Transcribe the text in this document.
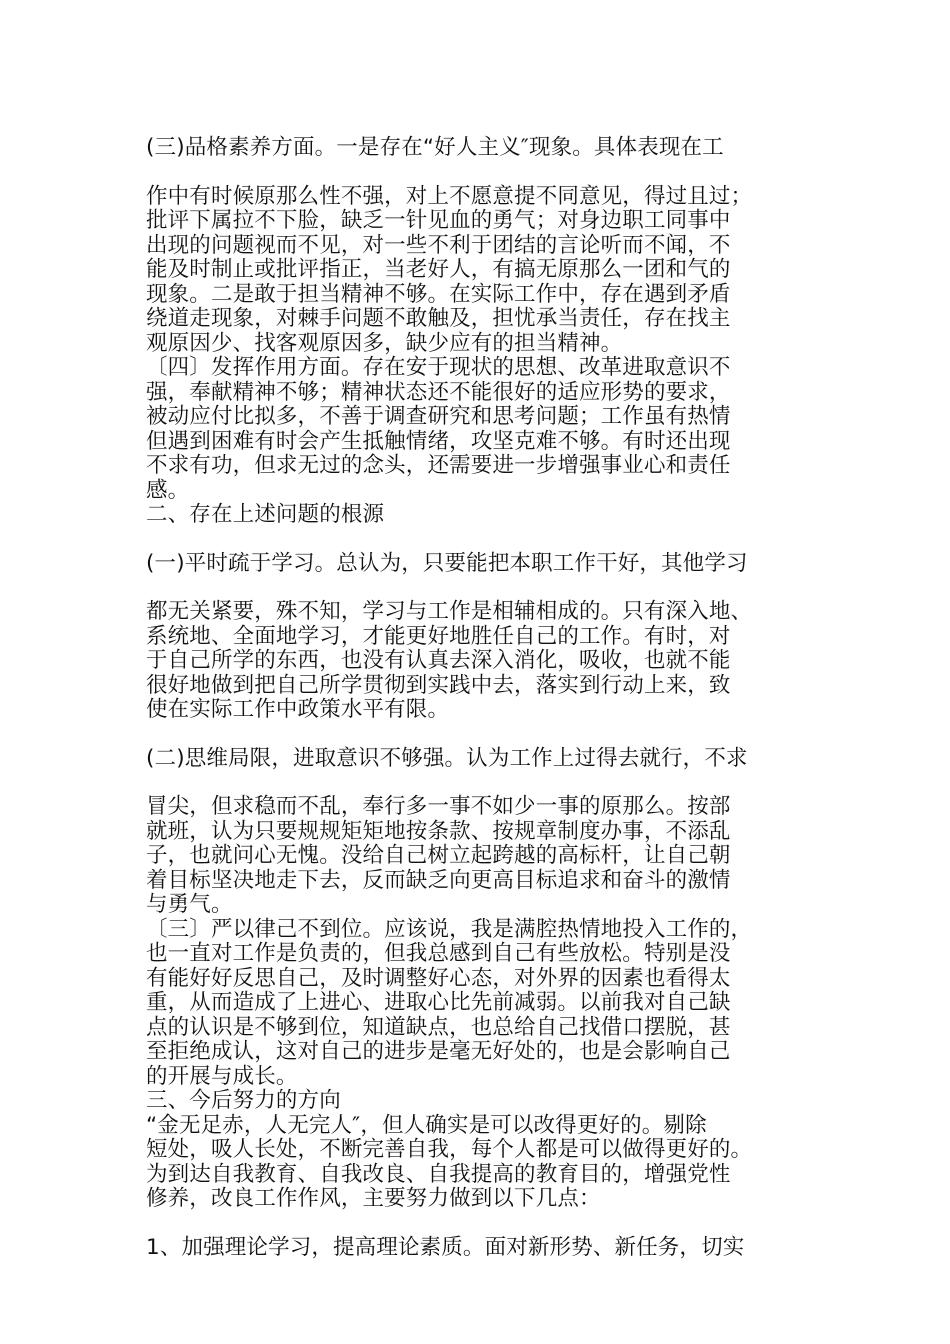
(三)品格素养方面。一是存在“好人主义″现象。具体表现在工
作中有时候原那么性不强，对上不愿意提不同意见，得过且过；
批评下属拉不下脸，缺乏一针见血的勇气；对身边职工同事中
出现的问题视而不见，对一些不利于团结的言论听而不闻，不
能及时制止或批评指正，当老好人，有搞无原那么一团和气的
现象。二是敢于担当精神不够。在实际工作中，存在遇到矛盾
绕道走现象，对棘手问题不敢触及，担忧承当责任，存在找主
观原因少、找客观原因多，缺少应有的担当精神。
〔四〕发挥作用方面。存在安于现状的思想、改革进取意识不
强，奉献精神不够；精神状态还不能很好的适应形势的要求，
被动应付比拟多，不善于调查研究和思考问题；工作虽有热情
但遇到困难有时会产生抵触情绪，攻坚克难不够。有时还出现
不求有功，但求无过的念头，还需要进一步增强事业心和责任
感。
二、存在上述问题的根源
(一)平时疏于学习。总认为，只要能把本职工作干好，其他学习
都无关紧要，殊不知，学习与工作是相辅相成的。只有深入地、
系统地、全面地学习，才能更好地胜任自己的工作。有时，对
于自己所学的东西，也没有认真去深入消化，吸收，也就不能
很好地做到把自己所学贯彻到实践中去，落实到行动上来，致
使在实际工作中政策水平有限。
(二)思维局限，进取意识不够强。认为工作上过得去就行，不求
冒尖，但求稳而不乱，奉行多一事不如少一事的原那么。按部
就班，认为只要规规矩矩地按条款、按规章制度办事，不添乱
子，也就问心无愧。没给自己树立起跨越的高标杆，让自己朝
着目标坚决地走下去，反而缺乏向更高目标追求和奋斗的激情
与勇气。
〔三〕严以律己不到位。应该说，我是满腔热情地投入工作的，
也一直对工作是负责的，但我总感到自己有些放松。特别是没
有能好好反思自己，及时调整好心态，对外界的因素也看得太
重，从而造成了上进心、进取心比先前减弱。以前我对自己缺
点的认识是不够到位，知道缺点，也总给自己找借口摆脱，甚
至拒绝成认，这对自己的进步是毫无好处的，也是会影响自己
的开展与成长。
三、今后努力的方向
“金无足赤，人无完人″，但人确实是可以改得更好的。剔除
短处，吸人长处，不断完善自我，每个人都是可以做得更好的。
为到达自我教育、自我改良、自我提高的教育目的，增强党性
修养，改良工作作风，主要努力做到以下几点：
1、加强理论学习，提高理论素质。面对新形势、新任务，切实
